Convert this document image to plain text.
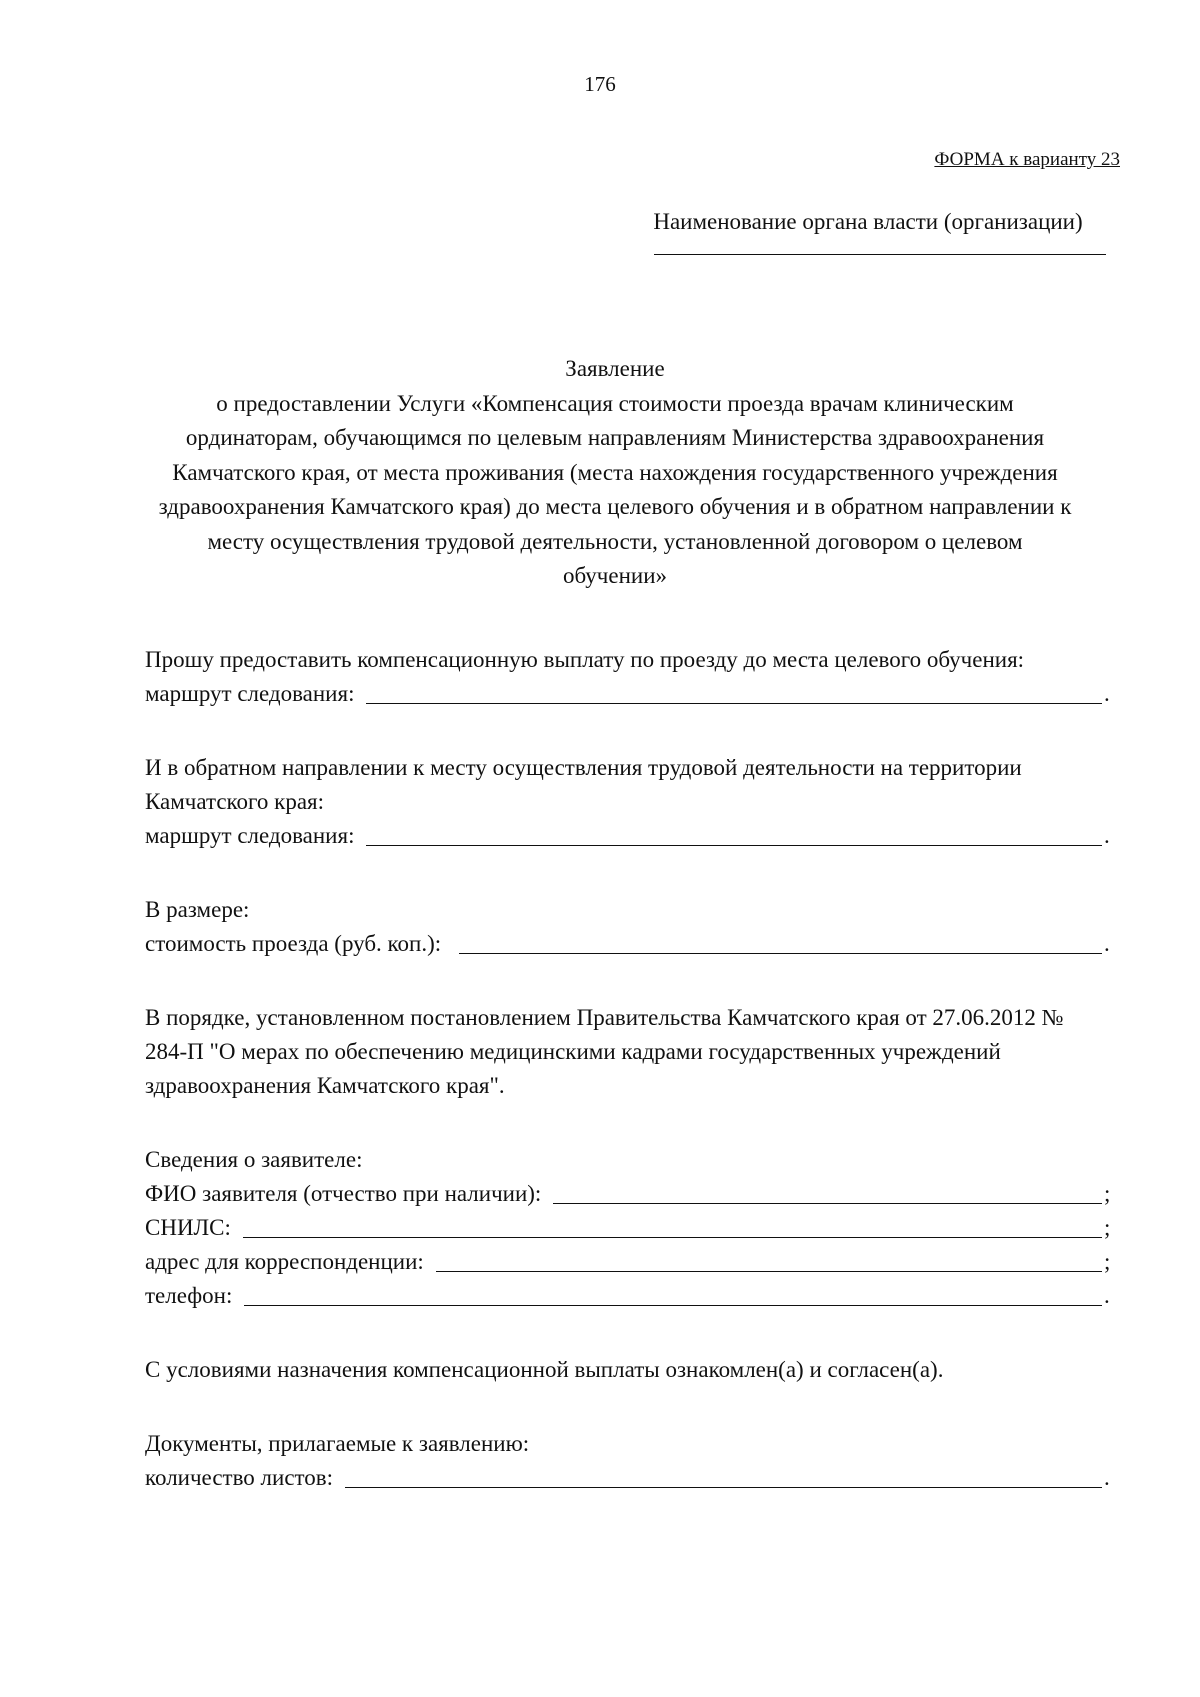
176
ФОРМА к варианту 23
Наименование органа власти (организации)
Заявление
о предоставлении Услуги «Компенсация стоимости проезда врачам клиническим
ординаторам, обучающимся по целевым направлениям Министерства здравоохранения
Камчатского края, от места проживания (места нахождения государственного учреждения
здравоохранения Камчатского края) до места целевого обучения и в обратном направлении к
месту осуществления трудовой деятельности, установленной договором о целевом
обучении»
Прошу предоставить компенсационную выплату по проезду до места целевого обучения:
маршрут следования:	.
И в обратном направлении к месту осуществления трудовой деятельности на территории
Камчатского края:
маршрут следования:	.
В размере:
стоимость проезда (руб. коп.):	.
В порядке, установленном постановлением Правительства Камчатского края от 27.06.2012 №
284-П "О мерах по обеспечению медицинскими кадрами государственных учреждений
здравоохранения Камчатского края".
Сведения о заявителе:
ФИО заявителя (отчество при наличии):	;
СНИЛС:	;
адрес для корреспонденции:	;
телефон:	.
С условиями назначения компенсационной выплаты ознакомлен(а) и согласен(а).
Документы, прилагаемые к заявлению:
количество листов:	.
